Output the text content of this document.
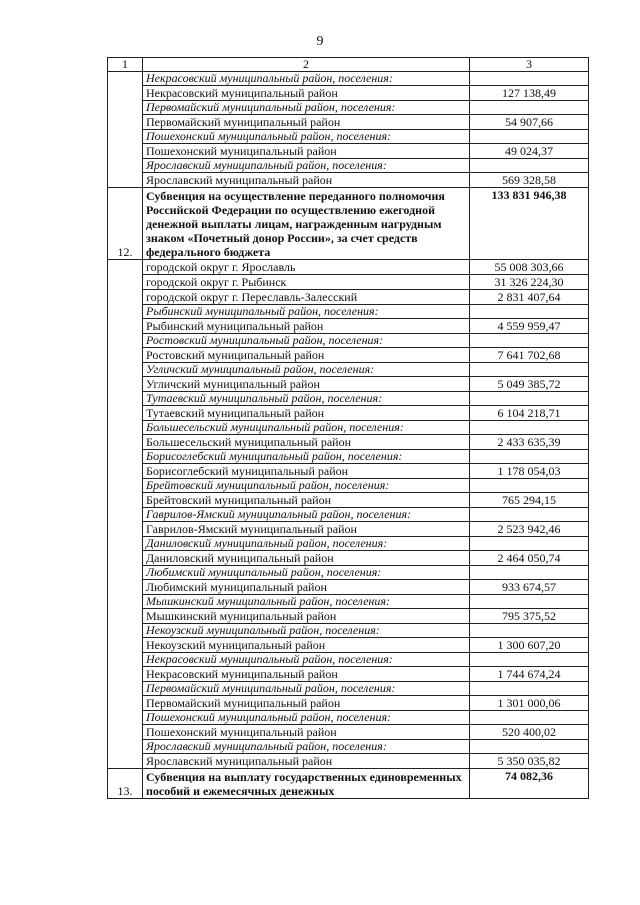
9
1	2	3
	Некрасовский муниципальный район, поселения:	
	Некрасовский муниципальный район	127 138,49
	Первомайский муниципальный район, поселения:	
	Первомайский муниципальный район	54 907,66
	Пошехонский муниципальный район, поселения:	
	Пошехонский муниципальный район	49 024,37
	Ярославский муниципальный район, поселения:	
	Ярославский муниципальный район	569 328,58
12.	Субвенция на осуществление переданного полномочия Российской Федерации по осуществлению ежегодной денежной выплаты лицам, награжденным нагрудным знаком «Почетный донор России», за счет средств федерального бюджета	133 831 946,38
	городской округ г. Ярославль	55 008 303,66
	городской округ г. Рыбинск	31 326 224,30
	городской округ г. Переславль-Залесский	2 831 407,64
	Рыбинский муниципальный район, поселения:	
	Рыбинский муниципальный район	4 559 959,47
	Ростовский муниципальный район, поселения:	
	Ростовский муниципальный район	7 641 702,68
	Угличский муниципальный район, поселения:	
	Угличский муниципальный район	5 049 385,72
	Тутаевский муниципальный район, поселения:	
	Тутаевский муниципальный район	6 104 218,71
	Большесельский муниципальный район, поселения:	
	Большесельский муниципальный район	2 433 635,39
	Борисоглебский муниципальный район, поселения:	
	Борисоглебский муниципальный район	1 178 054,03
	Брейтовский муниципальный район, поселения:	
	Брейтовский муниципальный район	765 294,15
	Гаврилов-Ямский муниципальный район, поселения:	
	Гаврилов-Ямский муниципальный район	2 523 942,46
	Даниловский муниципальный район, поселения:	
	Даниловский муниципальный район	2 464 050,74
	Любимский муниципальный район, поселения:	
	Любимский муниципальный район	933 674,57
	Мышкинский муниципальный район, поселения:	
	Мышкинский муниципальный район	795 375,52
	Некоузский муниципальный район, поселения:	
	Некоузский муниципальный район	1 300 607,20
	Некрасовский муниципальный район, поселения:	
	Некрасовский муниципальный район	1 744 674,24
	Первомайский муниципальный район, поселения:	
	Первомайский муниципальный район	1 301 000,06
	Пошехонский муниципальный район, поселения:	
	Пошехонский муниципальный район	520 400,02
	Ярославский муниципальный район, поселения:	
	Ярославский муниципальный район	5 350 035,82
13.	Субвенция на выплату государственных единовременных пособий и ежемесячных денежных	74 082,36
